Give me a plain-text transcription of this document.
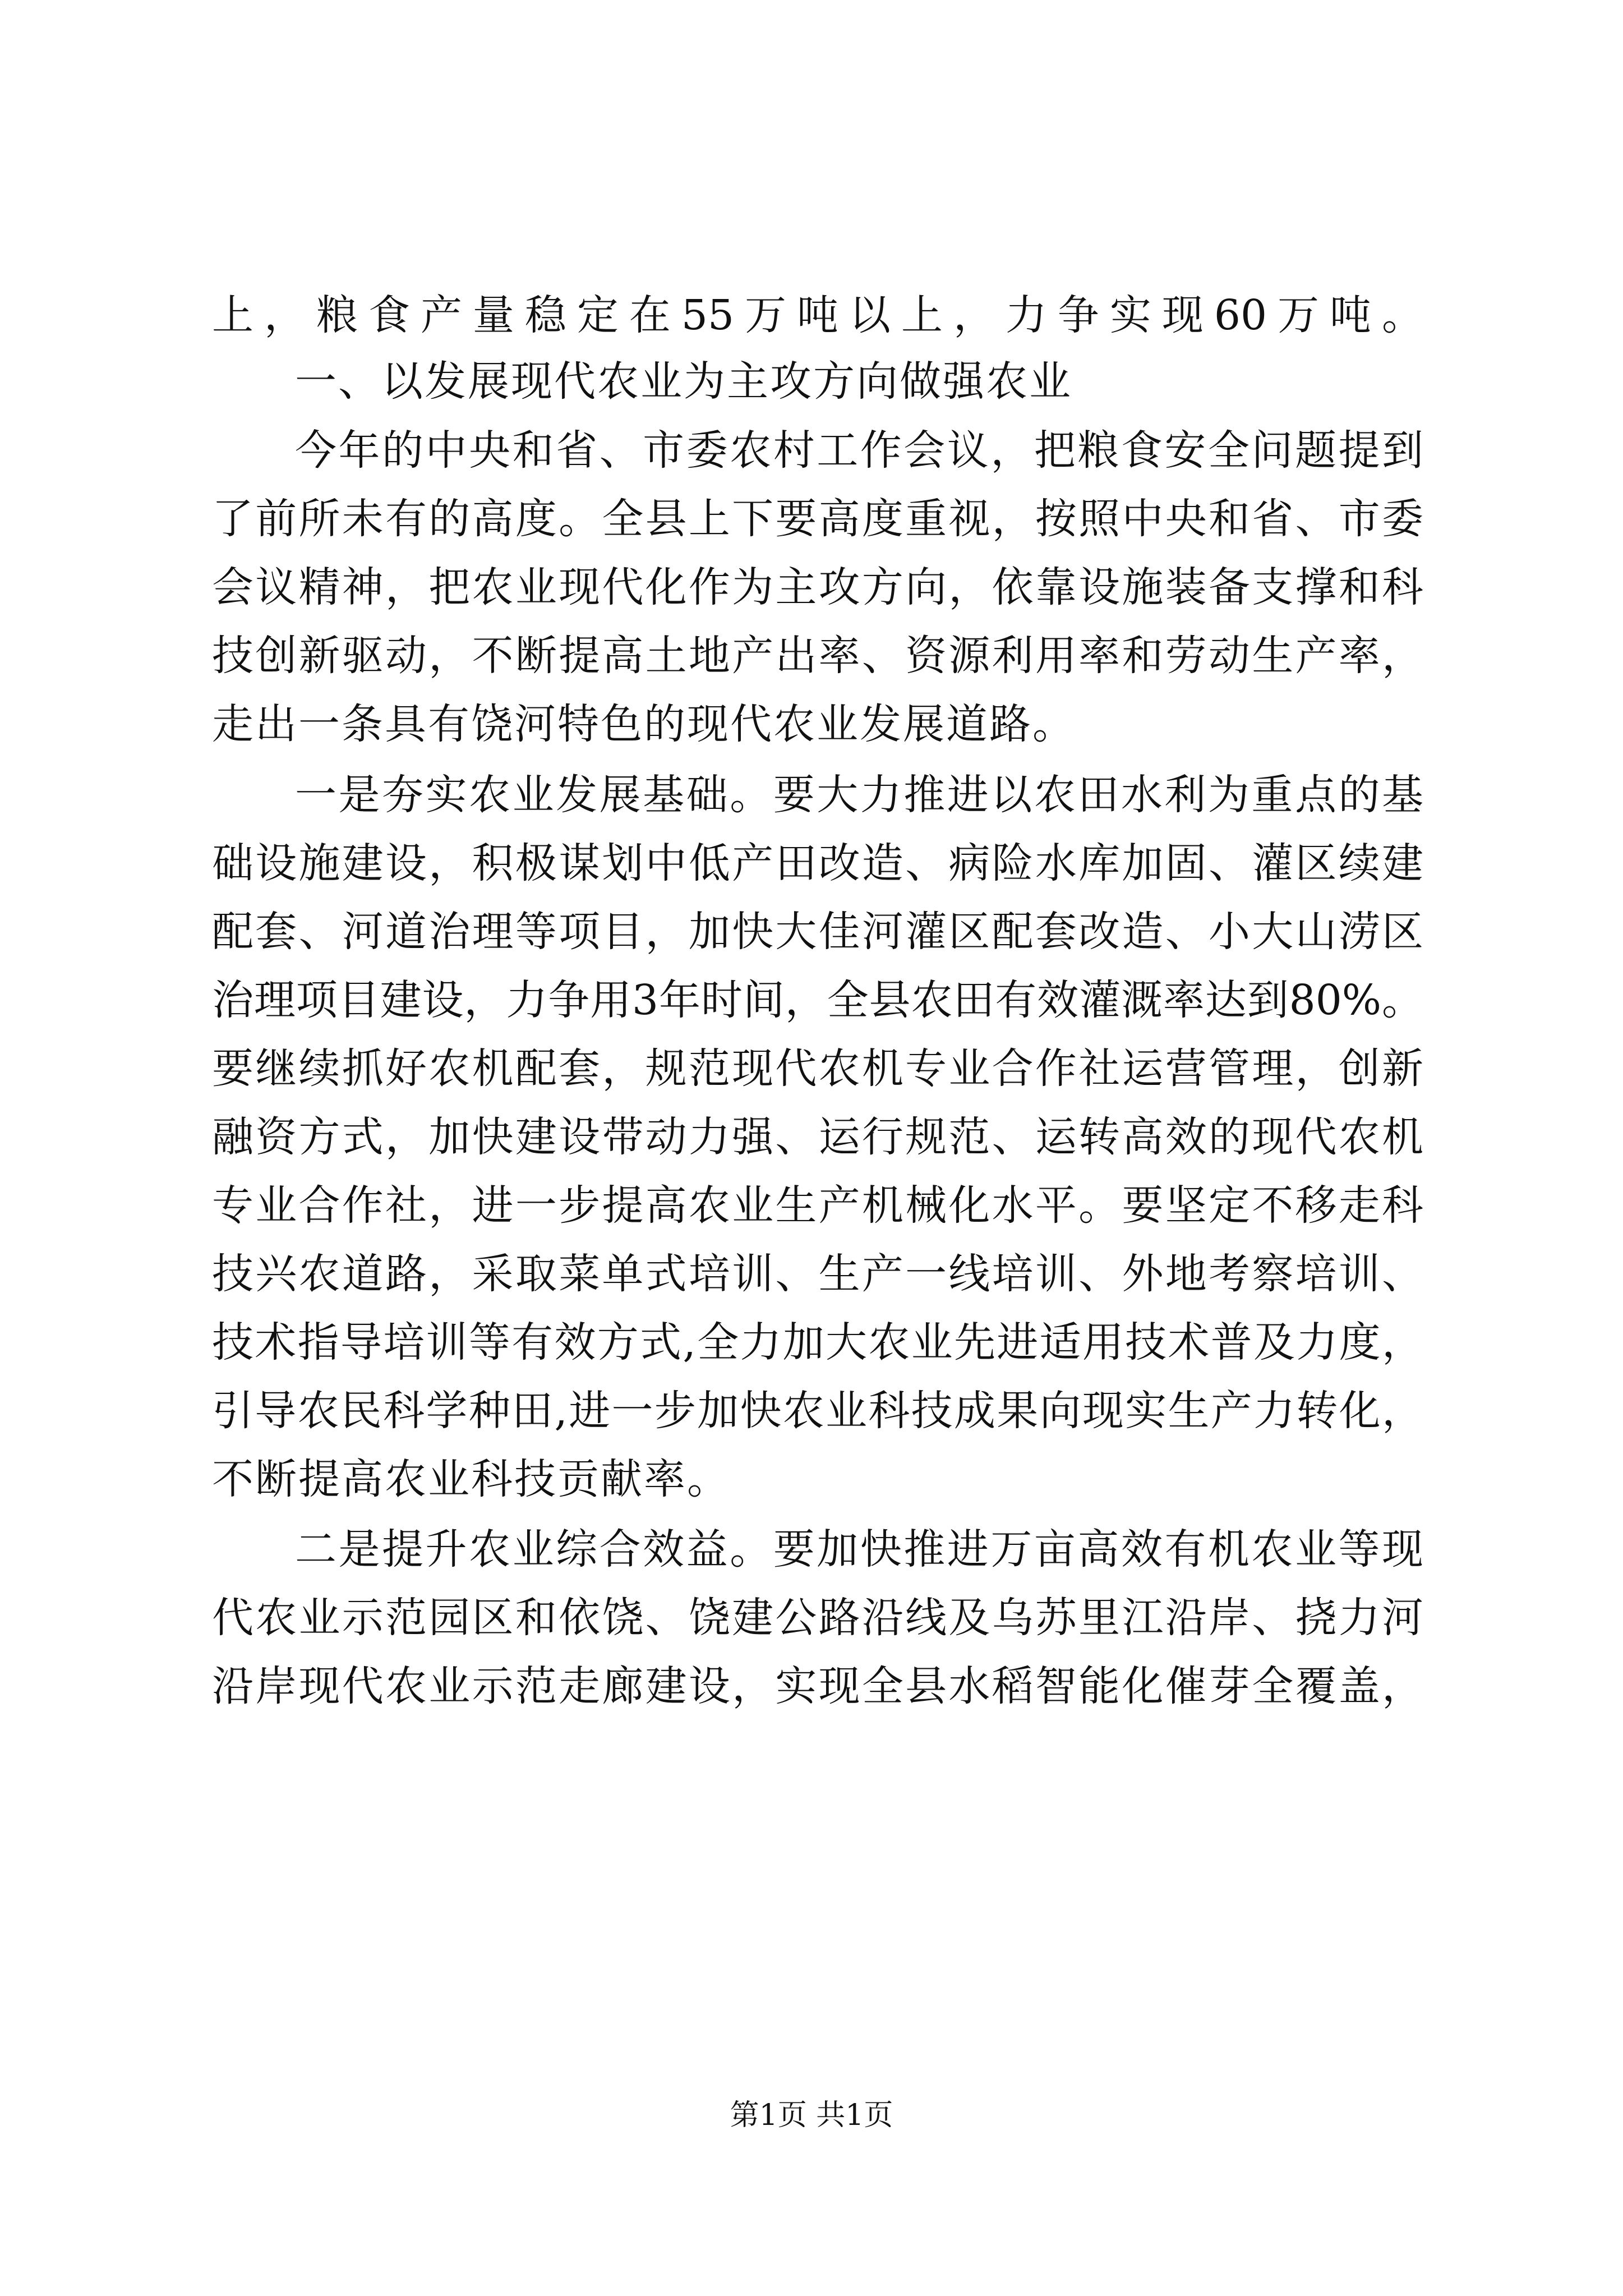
上，粮食产量稳定在55万吨以上，力争实现60万吨。
一、以发展现代农业为主攻方向做强农业
今年的中央和省、市委农村工作会议，把粮食安全问题提到
了前所未有的高度。全县上下要高度重视，按照中央和省、市委
会议精神，把农业现代化作为主攻方向，依靠设施装备支撑和科
技创新驱动，不断提高土地产出率、资源利用率和劳动生产率，
走出一条具有饶河特色的现代农业发展道路。
一是夯实农业发展基础。要大力推进以农田水利为重点的基
础设施建设，积极谋划中低产田改造、病险水库加固、灌区续建
配套、河道治理等项目，加快大佳河灌区配套改造、小大山涝区
治理项目建设，力争用3年时间，全县农田有效灌溉率达到80%。
要继续抓好农机配套，规范现代农机专业合作社运营管理，创新
融资方式，加快建设带动力强、运行规范、运转高效的现代农机
专业合作社，进一步提高农业生产机械化水平。要坚定不移走科
技兴农道路，采取菜单式培训、生产一线培训、外地考察培训、
技术指导培训等有效方式,全力加大农业先进适用技术普及力度，
引导农民科学种田,进一步加快农业科技成果向现实生产力转化，
不断提高农业科技贡献率。
二是提升农业综合效益。要加快推进万亩高效有机农业等现
代农业示范园区和依饶、饶建公路沿线及乌苏里江沿岸、挠力河
沿岸现代农业示范走廊建设，实现全县水稻智能化催芽全覆盖，
第1页 共1页
